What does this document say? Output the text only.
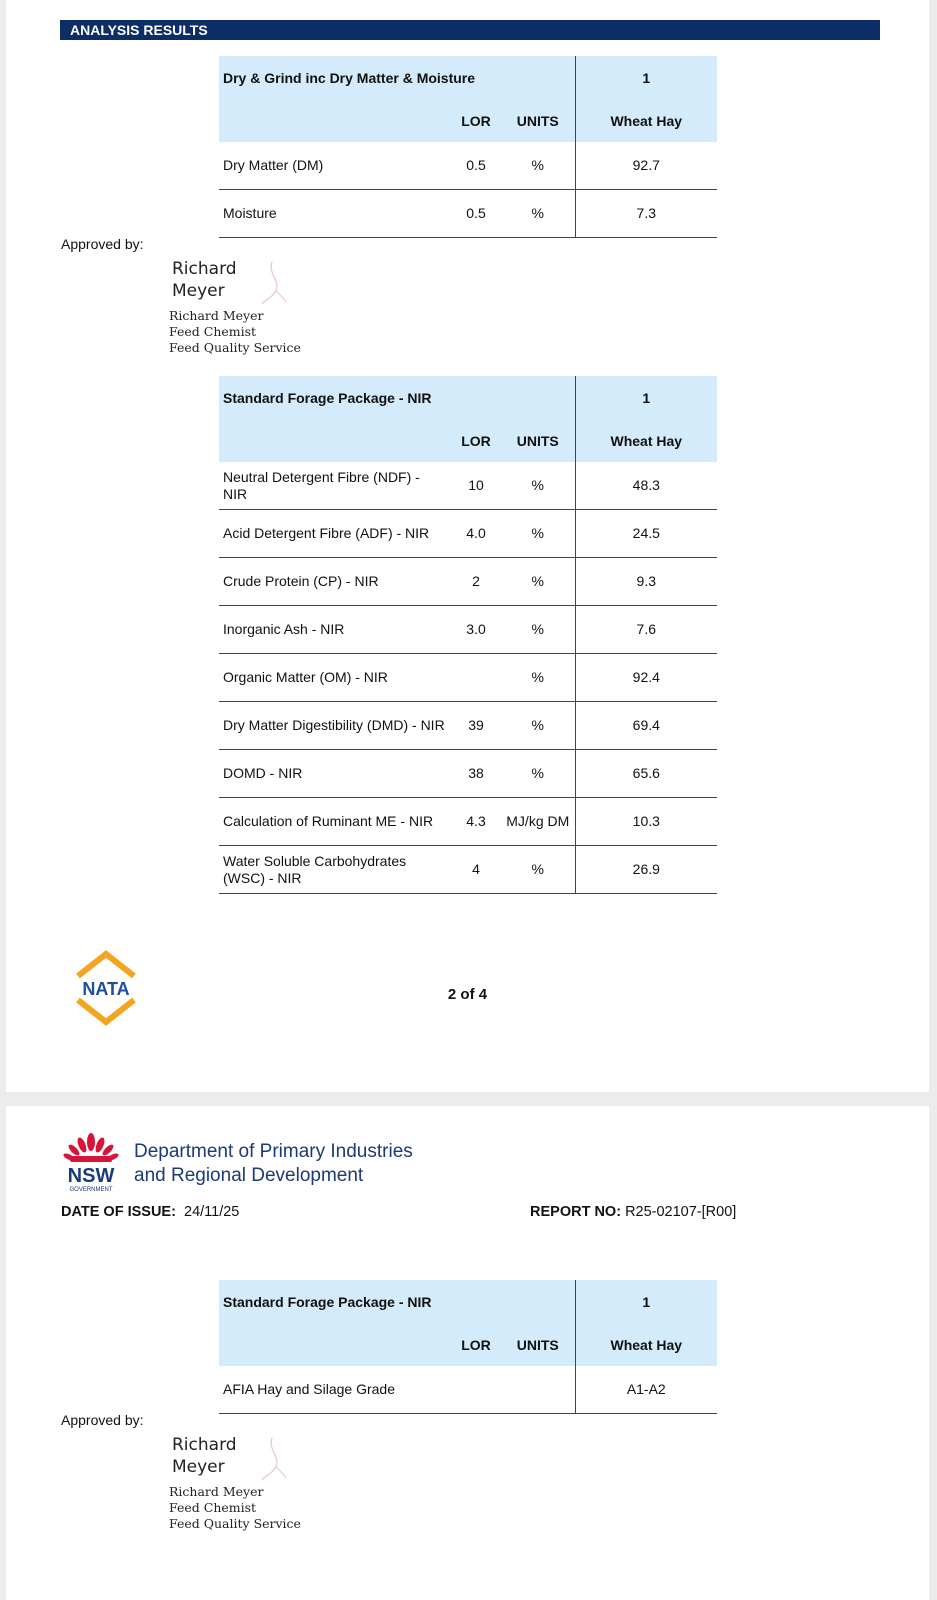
ANALYSIS RESULTS
Dry & Grind inc Dry Matter & Moisture			1
	LOR	UNITS	Wheat Hay
Dry Matter (DM)	0.5	%	92.7
Moisture	0.5	%	7.3
Approved by:
Richard
Meyer
Richard Meyer
Feed Chemist
Feed Quality Service
Standard Forage Package - NIR			1
	LOR	UNITS	Wheat Hay
Neutral Detergent Fibre (NDF) - NIR	10	%	48.3
Acid Detergent Fibre (ADF) - NIR	4.0	%	24.5
Crude Protein (CP) - NIR	2	%	9.3
Inorganic Ash - NIR	3.0	%	7.6
Organic Matter (OM) - NIR		%	92.4
Dry Matter Digestibility (DMD) - NIR	39	%	69.4
DOMD - NIR	38	%	65.6
Calculation of Ruminant ME - NIR	4.3	MJ/kg DM	10.3
Water Soluble Carbohydrates (WSC) - NIR	4	%	26.9
NATA	2 of 4
NSW
GOVERNMENT
Department of Primary Industries
and Regional Development
DATE OF ISSUE: 24/11/25	REPORT NO: R25-02107-[R00]
Standard Forage Package - NIR			1
	LOR	UNITS	Wheat Hay
AFIA Hay and Silage Grade			A1-A2
Approved by:
Richard
Meyer
Richard Meyer
Feed Chemist
Feed Quality Service
